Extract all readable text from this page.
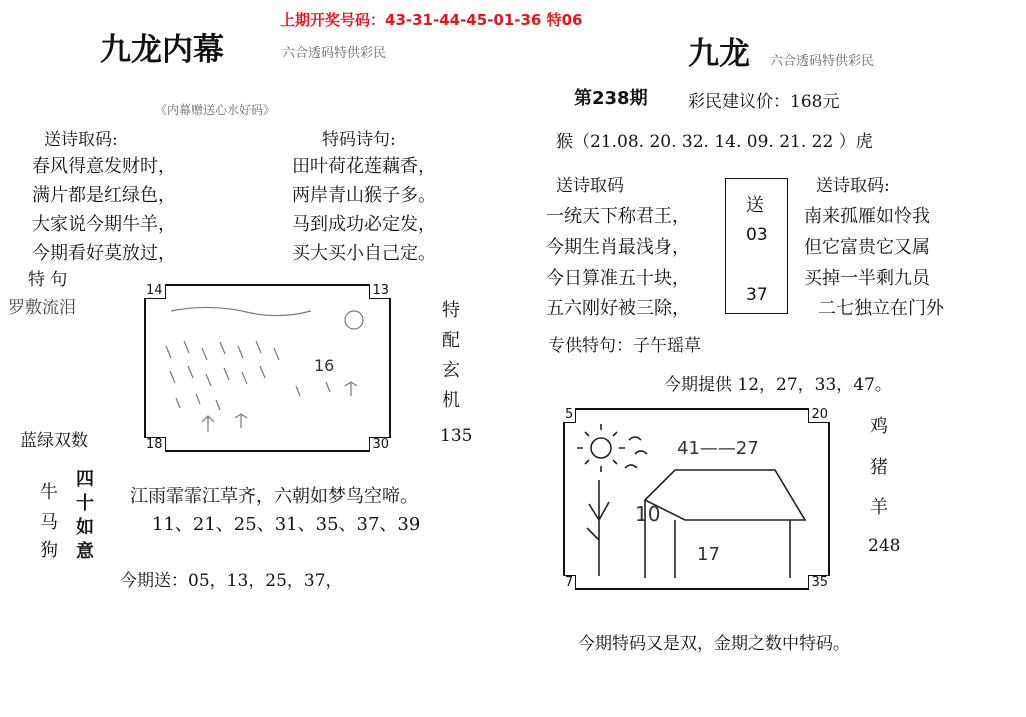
上期开奖号码：43-31-44-45-01-36 特06
九龙内幕	六合透码特供彩民
《内幕赠送心水好码》
送诗取码:	特码诗句:
春风得意发财时，
满片都是红绿色，
大家说今期牛羊，
今期看好莫放过，
田叶荷花莲藕香，
两岸青山猴子多。
马到成功必定发，
买大买小自己定。
特 句
罗敷流泪
14	13
18	30
16
特
配
玄
机
蓝绿双数	135
牛
马
狗
四
十
如
意
江雨霏霏江草齐，六朝如梦鸟空啼。
11、21、25、31、35、37、39
今期送：05，13，25，37，
九龙 六合透码特供彩民
第238期 彩民建议价：168元
猴（21.08. 20. 32. 14. 09. 21. 22 ）虎
送诗取码	送诗取码:
一统天下称君王，
今期生肖最浅身，
今日算准五十块，
五六刚好被三除，
送
03
37
南来孤雁如怜我
但它富贵它又属
买掉一半剩九员
二七独立在门外
专供特句：子午瑶草
今期提供 12，27，33，47。
5	20
7	35
41——27
10
17
鸡
猪
羊
248
今期特码又是双，金期之数中特码。
